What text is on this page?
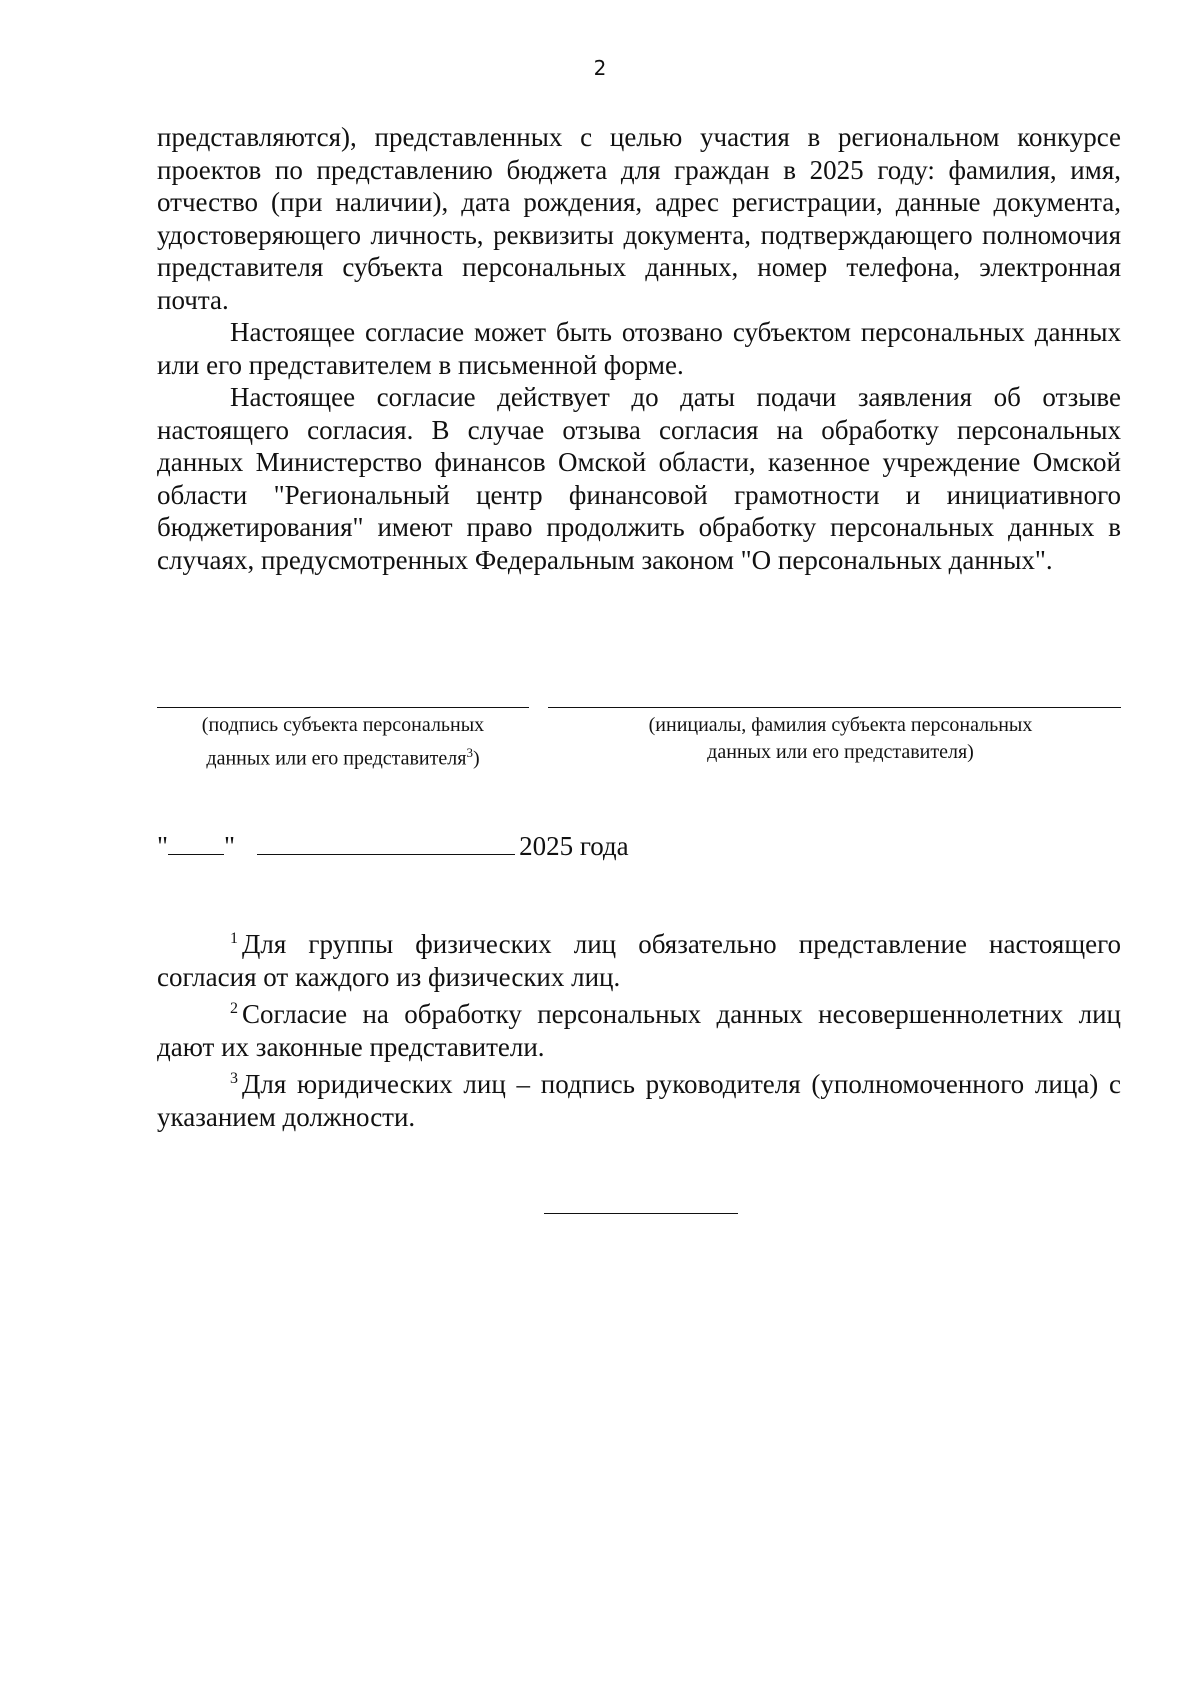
2

представляются), представленных с целью участия в региональном конкурсе проектов по представлению бюджета для граждан в 2025 году: фамилия, имя, отчество (при наличии), дата рождения, адрес регистрации, данные документа, удостоверяющего личность, реквизиты документа, подтверждающего полномочия представителя субъекта персональных данных, номер телефона, электронная почта.

Настоящее согласие может быть отозвано субъектом персональных данных или его представителем в письменной форме.

Настоящее согласие действует до даты подачи заявления об отзыве настоящего согласия. В случае отзыва согласия на обработку персональных данных Министерство финансов Омской области, казенное учреждение Омской области "Региональный центр финансовой грамотности и инициативного бюджетирования" имеют право продолжить обработку персональных данных в случаях, предусмотренных Федеральным законом "О персональных данных".

(подпись субъекта персональных
данных или его представителя$^3$)
(инициалы, фамилия субъекта персональных
данных или его представителя)
" "	2025 года

$^1$ Для группы физических лиц обязательно представление настоящего согласия от каждого из физических лиц.

$^2$ Согласие на обработку персональных данных несовершеннолетних лиц дают их законные представители.

$^3$ Для юридических лиц – подпись руководителя (уполномоченного лица) с указанием должности.
